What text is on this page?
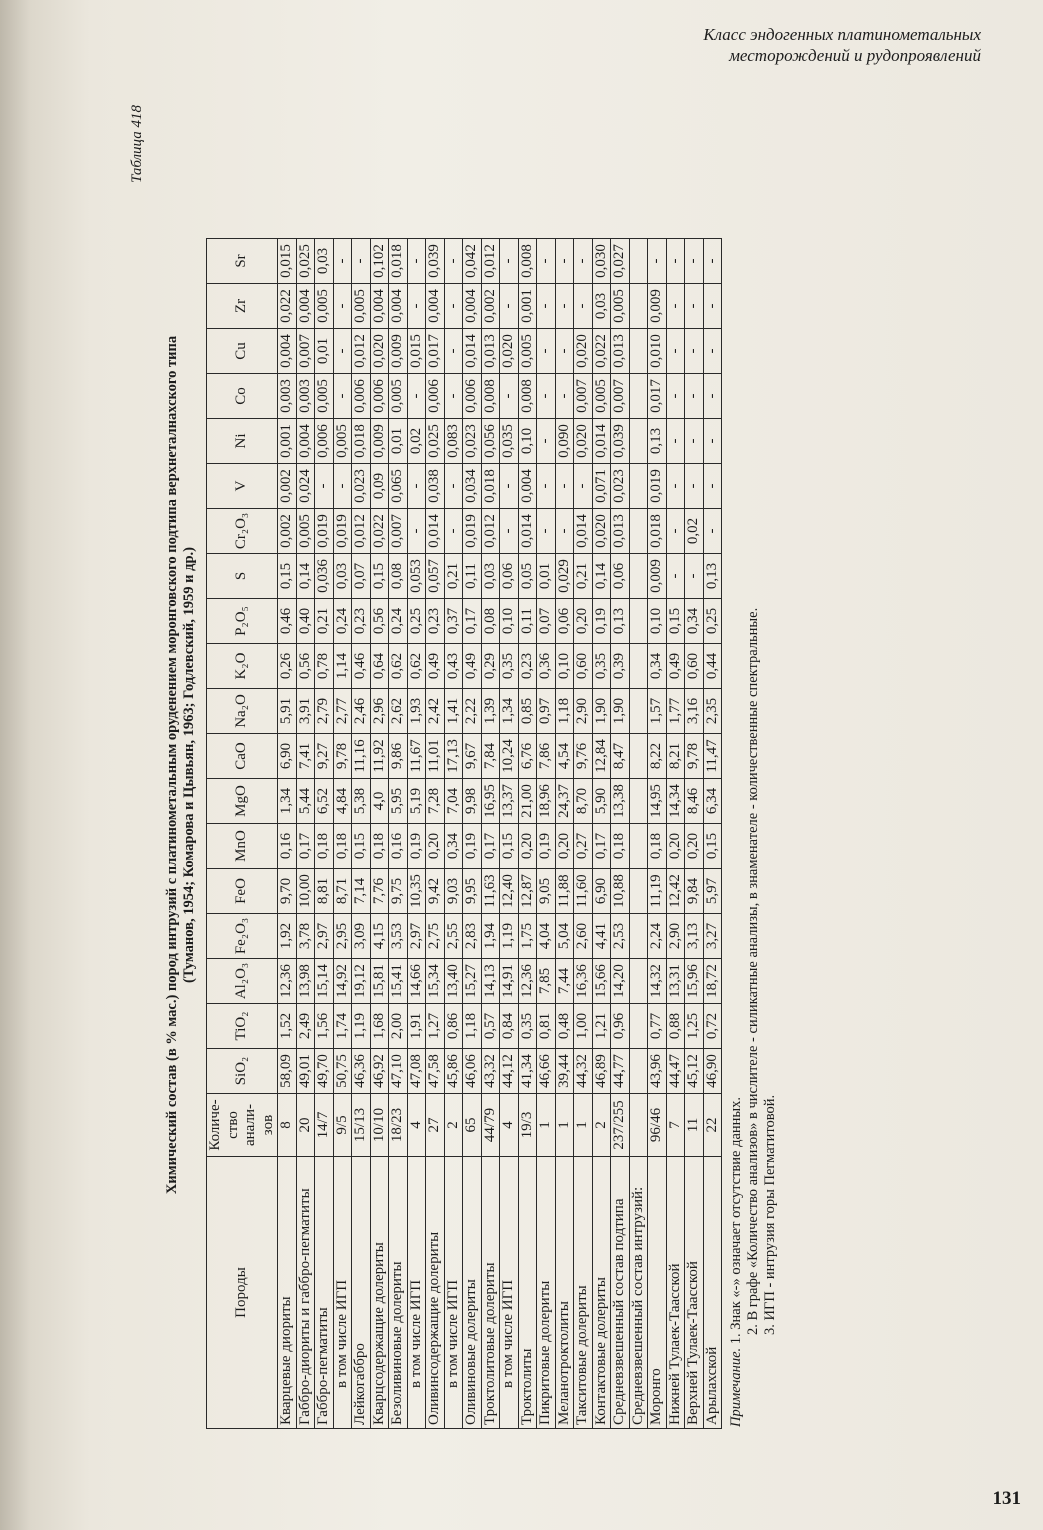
Класс эндогенных платинометальных
месторождений и рудопроявлений
Таблица 418
Химический состав (в % мас.) пород интрузий с платинометальным оруденением моронговского подтипа верхнеталнахского типа (Туманов, 1954; Комарова и Цывьян, 1963; Годлевский, 1959 и др.)
Породы	Количе-ство анали-зов	SiO₂	TiO₂	Al₂O₃	Fe₂O₃	FeO	MnO	MgO	CaO	Na₂O	K₂O	P₂O₅	S	Cr₂O₃	V	Ni	Co	Cu	Zr	Sr
Кварцевые диориты	8	58,09	1,52	12,36	1,92	9,70	0,16	1,34	6,90	5,91	0,26	0,46	0,15	0,002	0,002	0,001	0,003	0,004	0,022	0,015
Габбро-диориты и габбро-пегматиты	20	49,01	2,49	13,98	3,78	10,00	0,17	5,44	7,41	3,91	0,56	0,40	0,14	0,005	0,024	0,004	0,003	0,007	0,004	0,025
Габбро-пегматиты	14/7	49,70	1,56	15,14	2,97	8,81	0,18	6,52	9,27	2,79	0,78	0,21	0,036	0,019	-	0,006	0,005	0,01	0,005	0,03
в том числе ИГП	9/5	50,75	1,74	14,92	2,95	8,71	0,18	4,84	9,78	2,77	1,14	0,24	0,03	0,019	-	0,005	-	-	-	-
Лейкогаббро	15/13	46,36	1,19	19,12	3,09	7,14	0,15	5,38	11,16	2,46	0,46	0,23	0,07	0,012	0,023	0,018	0,006	0,012	0,005	-
Кварцсодержащие долериты	10/10	46,92	1,68	15,81	4,15	7,76	0,18	4,0	11,92	2,96	0,64	0,56	0,15	0,022	0,09	0,009	0,006	0,020	0,004	0,102
Безоливиновые долериты	18/23	47,10	2,00	15,41	3,53	9,75	0,16	5,95	9,86	2,62	0,62	0,24	0,08	0,007	0,065	0,01	0,005	0,009	0,004	0,018
в том числе ИГП	4	47,08	1,91	14,66	2,97	10,35	0,19	5,19	11,67	1,93	0,62	0,25	0,053	-	-	0,02	-	0,015	-	-
Оливинсодержащие долериты	27	47,58	1,27	15,34	2,75	9,42	0,20	7,28	11,01	2,42	0,49	0,23	0,057	0,014	0,038	0,025	0,006	0,017	0,004	0,039
в том числе ИГП	2	45,86	0,86	13,40	2,55	9,03	0,34	7,04	17,13	1,41	0,43	0,37	0,21	-	-	0,083	-	-	-	-
Оливиновые долериты	65	46,06	1,18	15,27	2,83	9,95	0,19	9,98	9,67	2,22	0,49	0,17	0,11	0,019	0,034	0,023	0,006	0,014	0,004	0,042
Троктолитовые долериты	44/79	43,32	0,57	14,13	1,94	11,63	0,17	16,95	7,84	1,39	0,29	0,08	0,03	0,012	0,018	0,056	0,008	0,013	0,002	0,012
в том числе ИГП	4	44,12	0,84	14,91	1,19	12,40	0,15	13,37	10,24	1,34	0,35	0,10	0,06	-	-	0,035	-	0,020	-	-
Троктолиты	19/3	41,34	0,35	12,36	1,75	12,87	0,20	21,00	6,76	0,85	0,23	0,11	0,05	0,014	0,004	0,10	0,008	0,005	0,001	0,008
Пикритовые долериты	1	46,66	0,81	7,85	4,04	9,05	0,19	18,96	7,86	0,97	0,36	0,07	0,01	-	-	-	-	-	-	-
Меланотроктолиты	1	39,44	0,48	7,44	5,04	11,88	0,20	24,37	4,54	1,18	0,10	0,06	0,029	-	-	0,090	-	-	-	-
Такситовые долериты	1	44,32	1,00	16,36	2,60	11,60	0,27	8,70	9,76	2,90	0,60	0,20	0,21	0,014	-	0,020	0,007	0,020	-	-
Контактовые долериты	2	46,89	1,21	15,66	4,41	6,90	0,17	5,90	12,84	1,90	0,35	0,19	0,14	0,020	0,071	0,014	0,005	0,022	0,03	0,030
Средневзвешенный состав подтипа	237/255	44,77	0,96	14,20	2,53	10,88	0,18	13,38	8,47	1,90	0,39	0,13	0,06	0,013	0,023	0,039	0,007	0,013	0,005	0,027
Средневзвешенный состав интрузий:																				
Моронго	96/46	43,96	0,77	14,32	2,24	11,19	0,18	14,95	8,22	1,57	0,34	0,10	0,009	0,018	0,019	0,13	0,017	0,010	0,009	-
Нижней Тулаек-Таасской	7	44,47	0,88	13,31	2,90	12,42	0,20	14,34	8,21	1,77	0,49	0,15	-	-	-	-	-	-	-	-
Верхней Тулаек-Таасской	11	45,12	1,25	15,96	3,13	9,84	0,20	8,46	9,78	3,16	0,60	0,34	-	0,02	-	-	-	-	-	-
Арылахской	22	46,90	0,72	18,72	3,27	5,97	0,15	6,34	11,47	2,35	0,44	0,25	0,13	-	-	-	-	-	-	-
Примечание. 1. Знак «-» означает отсутствие данных. 2. В графе «Количество анализов» в числителе - силикатные анализы, в знаменателе - количественные спектральные. 3. ИГП - интрузия горы Пегматитовой.
131
